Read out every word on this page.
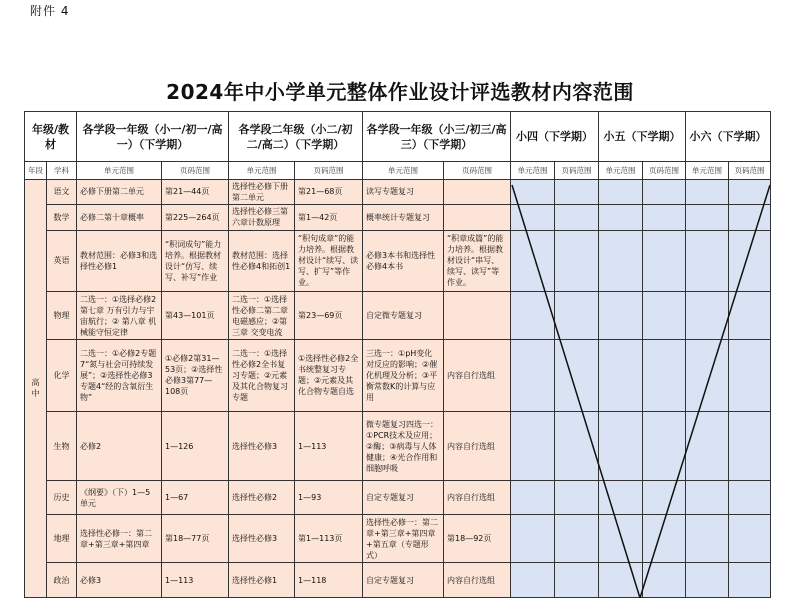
附件 4
2024年中小学单元整体作业设计评选教材内容范围
年级/教材		各学段一年级（小一/初一/高一）（下学期）		各学段二年级（小二/初二/高二）（下学期）		各学段一年级（小三/初三/高三）（下学期）		小四（下学期）		小五（下学期）		小六（下学期）	
年段	学科	单元范围	页码范围	单元范围	页码范围	单元范围	页码范围	单元范围	页码范围	单元范围	页码范围	单元范围	页码范围
高中	语文	必修下册第二单元	第21—44页	选择性必修下册第二单元	第21—68页	读写专题复习							
	数学	必修二第十章概率	第225—264页	选择性必修三第六章计数原理	第1—42页	概率统计专题复习							
	英语	教材范围：必修3和选择性必修1	“积词成句”能力培养。根据教材设计“仿写、续写、补写”作业	教材范围：选择性必修4和拓创1	“积句成章”的能力培养。根据教材设计“续写、读写、扩写”等作业。	必修3本书和选择性必修4本书	“积章成篇”的能力培养。根据教材设计“串写、续写、读写”等作业。						
	物理	二选一：①选择必修2 第七章 万有引力与宇宙航行；② 第八章 机械能守恒定律	第43—101页	二选一：①选择性必修二第二章电磁感应；②第三章 交变电流	第23—69页	自定微专题复习							
	化学	二选一：①必修2专题7“氮与社会可持续发展”；②选择性必修3专题4“经的含氧衍生物”	①必修2第31—53页；②选择性必修3第77—108页	二选一：①选择性必修2全书复习专题；②元素及其化合物复习专题	①选择性必修2全书统整复习专题；②元素及其化合物专题自选	三选一：①pH变化对反应的影响；②催化机理及分析；③平衡常数K的计算与应用	内容自行选组						
	生物	必修2	1—126	选择性必修3	1—113	微专题复习四选一：①PCR技术及应用；②酶；③病毒与人体健康；④光合作用和细胞呼吸	内容自行选组						
	历史	《纲要》（下）1—5单元	1—67	选择性必修2	1—93	自定专题复习	内容自行选组						
	地理	选择性必修一：第二章+第三章+第四章	第18—77页	选择性必修3	第1—113页	选择性必修一：第二章+第三章+第四章+第五章（专题形式）	第18—92页						
	政治	必修3	1—113	选择性必修1	1—118	自定专题复习	内容自行选组						
